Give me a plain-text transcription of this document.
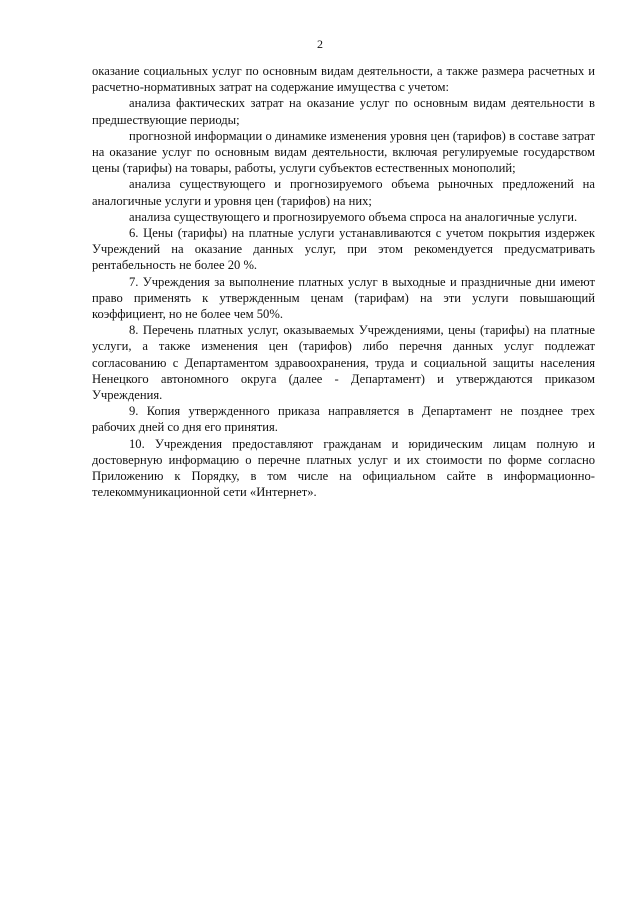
2

оказание социальных услуг по основным видам деятельности, а также размера расчетных и расчетно-нормативных затрат на содержание имущества с учетом:

анализа фактических затрат на оказание услуг по основным видам деятельности в предшествующие периоды;

прогнозной информации о динамике изменения уровня цен (тарифов) в составе затрат на оказание услуг по основным видам деятельности, включая регулируемые государством цены (тарифы) на товары, работы, услуги субъектов естественных монополий;

анализа существующего и прогнозируемого объема рыночных предложений на аналогичные услуги и уровня цен (тарифов) на них;

анализа существующего и прогнозируемого объема спроса на аналогичные услуги.

6. Цены (тарифы) на платные услуги устанавливаются с учетом покрытия издержек Учреждений на оказание данных услуг, при этом рекомендуется предусматривать рентабельность не более 20 %.

7. Учреждения за выполнение платных услуг в выходные и праздничные дни имеют право применять к утвержденным ценам (тарифам) на эти услуги повышающий коэффициент, но не более чем 50%.

8. Перечень платных услуг, оказываемых Учреждениями, цены (тарифы) на платные услуги, а также изменения цен (тарифов) либо перечня данных услуг подлежат согласованию с Департаментом здравоохранения, труда и социальной защиты населения Ненецкого автономного округа (далее - Департамент) и утверждаются приказом Учреждения.

9. Копия утвержденного приказа направляется в Департамент не позднее трех рабочих дней со дня его принятия.

10. Учреждения предоставляют гражданам и юридическим лицам полную и достоверную информацию о перечне платных услуг и их стоимости по форме согласно Приложению к Порядку, в том числе на официальном сайте в информационно-телекоммуникационной сети «Интернет».
